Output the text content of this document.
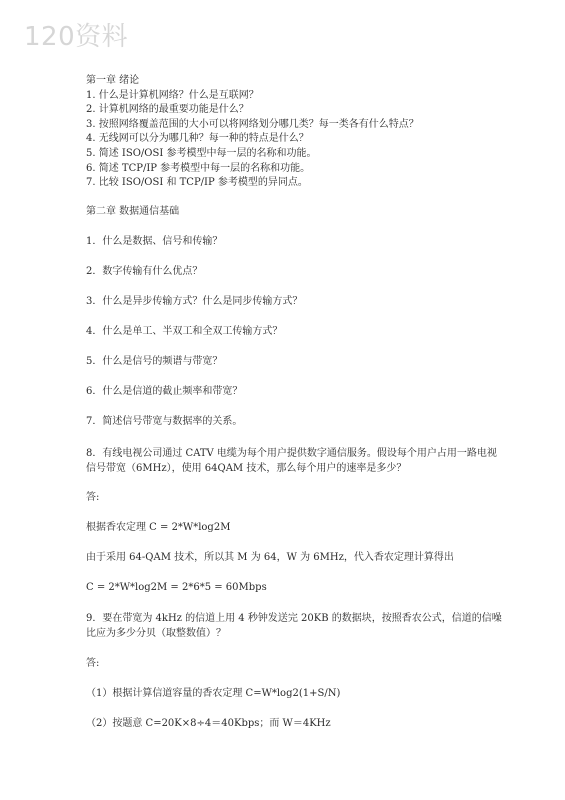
120资料
第一章 绪论
1. 什么是计算机网络？什么是互联网？
2. 计算机网络的最重要功能是什么？
3. 按照网络覆盖范围的大小可以将网络划分哪几类？每一类各有什么特点？
4. 无线网可以分为哪几种？每一种的特点是什么？
5. 简述 ISO/OSI 参考模型中每一层的名称和功能。
6. 简述 TCP/IP 参考模型中每一层的名称和功能。
7. 比较 ISO/OSI 和 TCP/IP 参考模型的异同点。
第二章 数据通信基础
1．什么是数据、信号和传输？
2．数字传输有什么优点？
3．什么是异步传输方式？什么是同步传输方式？
4．什么是单工、半双工和全双工传输方式？
5．什么是信号的频谱与带宽？
6．什么是信道的截止频率和带宽？
7．简述信号带宽与数据率的关系。
8．有线电视公司通过 CATV 电缆为每个用户提供数字通信服务。假设每个用户占用一路电视信号带宽（6MHz），使用 64QAM 技术，那么每个用户的速率是多少？
答:
根据香农定理 C = 2*W*log2M
由于采用 64-QAM 技术，所以其 M 为 64，W 为 6MHz，代入香农定理计算得出
C = 2*W*log2M = 2*6*5 = 60Mbps
9．要在带宽为 4kHz 的信道上用 4 秒钟发送完 20KB 的数据块，按照香农公式，信道的信噪比应为多少分贝（取整数值）？
答:
（1）根据计算信道容量的香农定理 C=W*log2(1+S/N)
（2）按题意 C=20K×8÷4＝40Kbps；而 W＝4KHz
